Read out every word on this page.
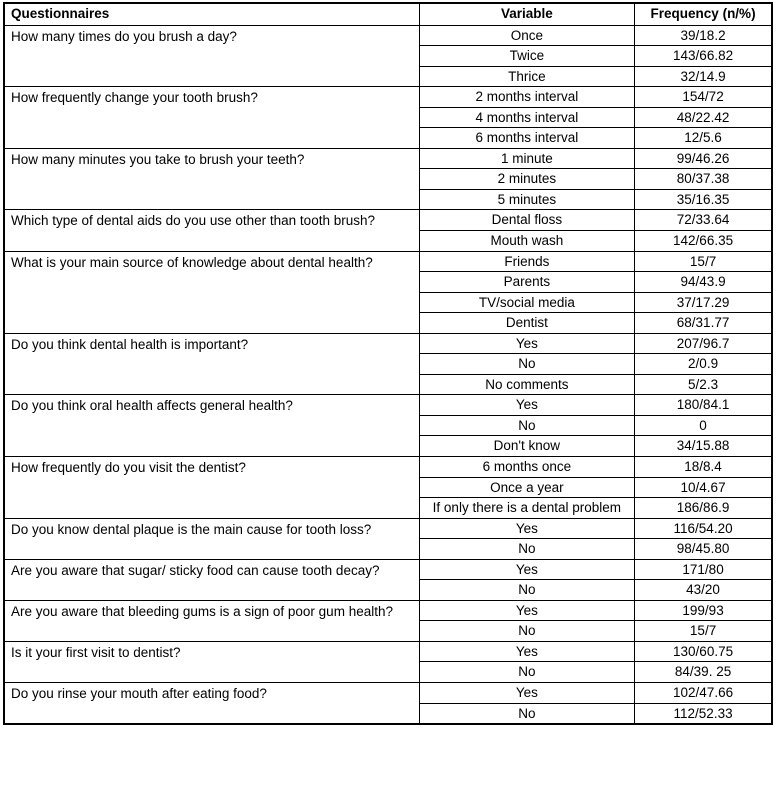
Questionnaires	Variable	Frequency (n/%)
How many times do you brush a day?	Once	39/18.2
	Twice	143/66.82
	Thrice	32/14.9
How frequently change your tooth brush?	2 months interval	154/72
	4 months interval	48/22.42
	6 months interval	12/5.6
How many minutes you take to brush your teeth?	1 minute	99/46.26
	2 minutes	80/37.38
	5 minutes	35/16.35
Which type of dental aids do you use other than tooth brush?	Dental floss	72/33.64
	Mouth wash	142/66.35
What is your main source of knowledge about dental health?	Friends	15/7
	Parents	94/43.9
	TV/social media	37/17.29
	Dentist	68/31.77
Do you think dental health is important?	Yes	207/96.7
	No	2/0.9
	No comments	5/2.3
Do you think oral health affects general health?	Yes	180/84.1
	No	0
	Don't know	34/15.88
How frequently do you visit the dentist?	6 months once	18/8.4
	Once a year	10/4.67
	If only there is a dental problem	186/86.9
Do you know dental plaque is the main cause for tooth loss?	Yes	116/54.20
	No	98/45.80
Are you aware that sugar/ sticky food can cause tooth decay?	Yes	171/80
	No	43/20
Are you aware that bleeding gums is a sign of poor gum health?	Yes	199/93
	No	15/7
Is it your first visit to dentist?	Yes	130/60.75
	No	84/39. 25
Do you rinse your mouth after eating food?	Yes	102/47.66
	No	112/52.33
